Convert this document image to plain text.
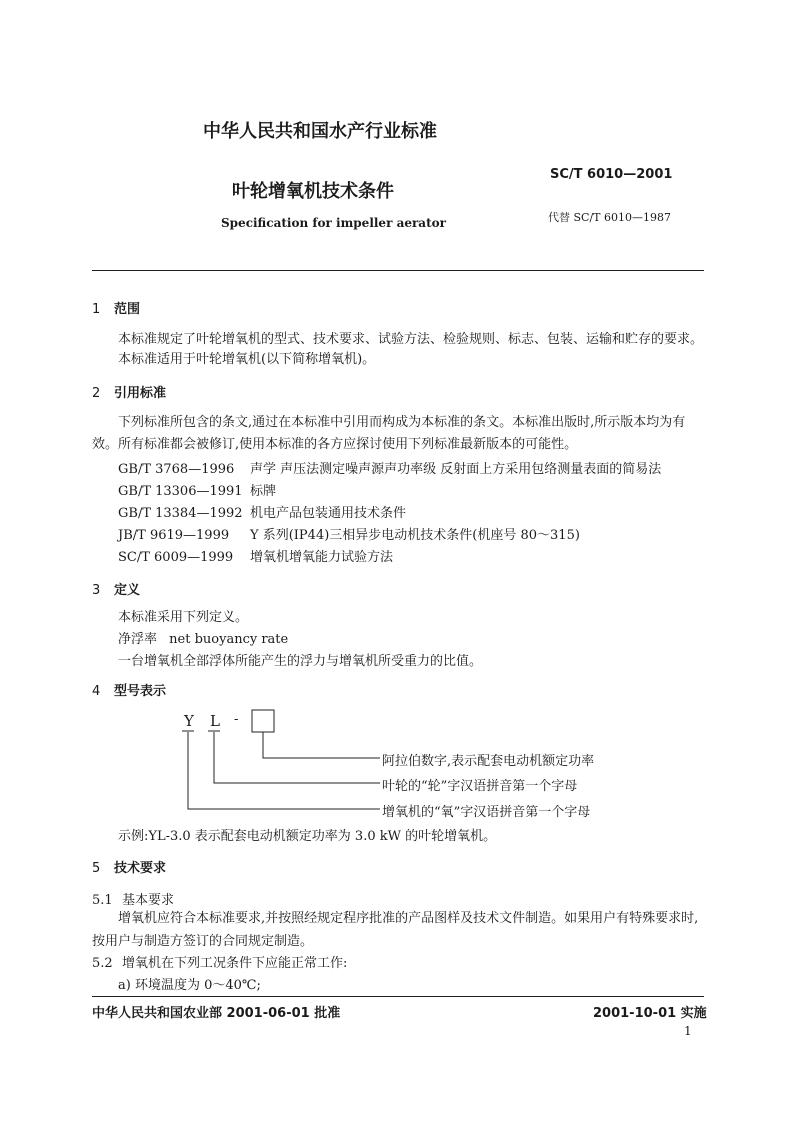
中华人民共和国水产行业标准
叶轮增氧机技术条件
SC/T 6010—2001
Specification for impeller aerator	代替 SC/T 6010—1987
1 范围
本标准规定了叶轮增氧机的型式、技术要求、试验方法、检验规则、标志、包装、运输和贮存的要求。
本标准适用于叶轮增氧机(以下简称增氧机)。
2 引用标准
下列标准所包含的条文,通过在本标准中引用而构成为本标准的条文。本标准出版时,所示版本均为有效。所有标准都会被修订,使用本标准的各方应探讨使用下列标准最新版本的可能性。
GB/T 3768—1996 声学 声压法测定噪声源声功率级 反射面上方采用包络测量表面的简易法
GB/T 13306—1991 标牌
GB/T 13384—1992 机电产品包装通用技术条件
JB/T 9619—1999 Y 系列(IP44)三相异步电动机技术条件(机座号 80～315)
SC/T 6009—1999 增氧机增氧能力试验方法
3 定义
本标准采用下列定义。
净浮率 net buoyancy rate
一台增氧机全部浮体所能产生的浮力与增氧机所受重力的比值。
4 型号表示
Y L -
阿拉伯数字,表示配套电动机额定功率
叶轮的“轮”字汉语拼音第一个字母
增氧机的“氧”字汉语拼音第一个字母
示例:YL-3.0 表示配套电动机额定功率为 3.0 kW 的叶轮增氧机。
5 技术要求
5.1 基本要求
增氧机应符合本标准要求,并按照经规定程序批准的产品图样及技术文件制造。如果用户有特殊要求时,按用户与制造方签订的合同规定制造。
5.2 增氧机在下列工况条件下应能正常工作:
a) 环境温度为 0～40℃;
中华人民共和国农业部 2001-06-01 批准	2001-10-01 实施
1
